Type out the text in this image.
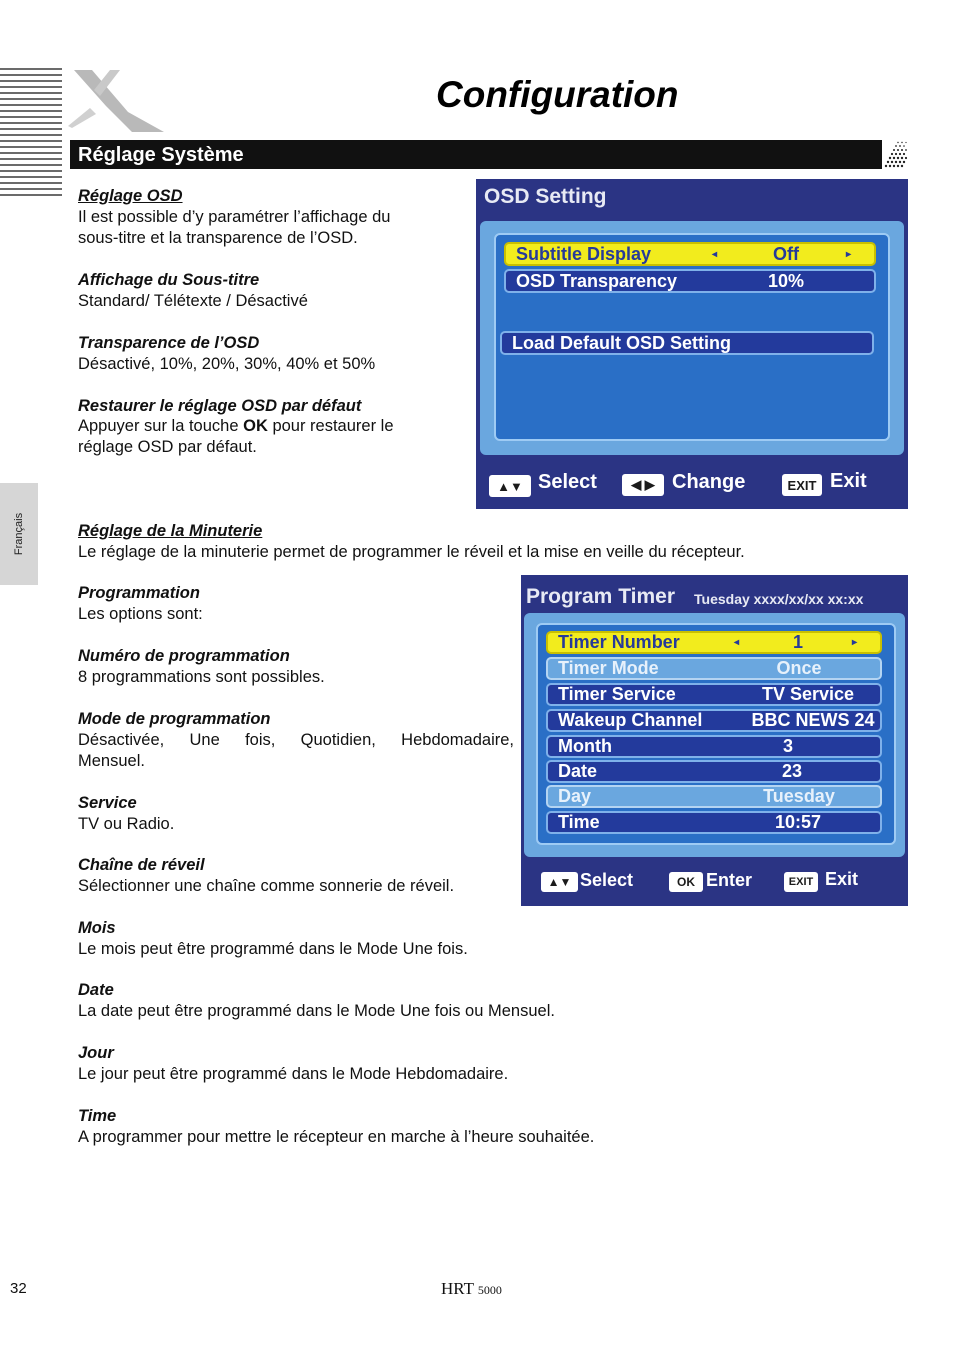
Français
Configuration
Réglage Système
Réglage OSD
Il est possible d’y paramétrer l’affichage du
sous-titre et la transparence de l’OSD.
Affichage du Sous-titre
Standard/ Télétexte / Désactivé
Transparence de l’OSD
Désactivé, 10%, 20%, 30%, 40% et 50%
Restaurer le réglage OSD par défaut
Appuyer sur la touche OK pour restaurer le
réglage OSD par défaut.
OSD Setting
Subtitle Display	◂	Off	▸
OSD Transparency	10%
Load Default OSD Setting
▲▼ Select	◀ ▶ Change	EXIT Exit
Réglage de la Minuterie
Le réglage de la minuterie permet de programmer le réveil et la mise en veille du récepteur.
Programmation
Les options sont:
Numéro de programmation
8 programmations sont possibles.
Mode de programmation
Désactivée, Une fois, Quotidien, Hebdomadaire,
Mensuel.
Service
TV ou Radio.
Chaîne de réveil
Sélectionner une chaîne comme sonnerie de réveil.
Mois
Le mois peut être programmé dans le Mode Une fois.
Date
La date peut être programmé dans le Mode Une fois ou Mensuel.
Jour
Le jour peut être programmé dans le Mode Hebdomadaire.
Time
A programmer pour mettre le récepteur en marche à l’heure souhaitée.
Program Timer Tuesday xxxx/xx/xx xx:xx
Timer Number	◂	1	▸
Timer Mode	Once
Timer Service	TV Service
Wakeup Channel	BBC NEWS 24
Month	3
Date	23
Day	Tuesday
Time	10:57
▲▼ Select	OK Enter	EXIT Exit
32	HRT 5000
